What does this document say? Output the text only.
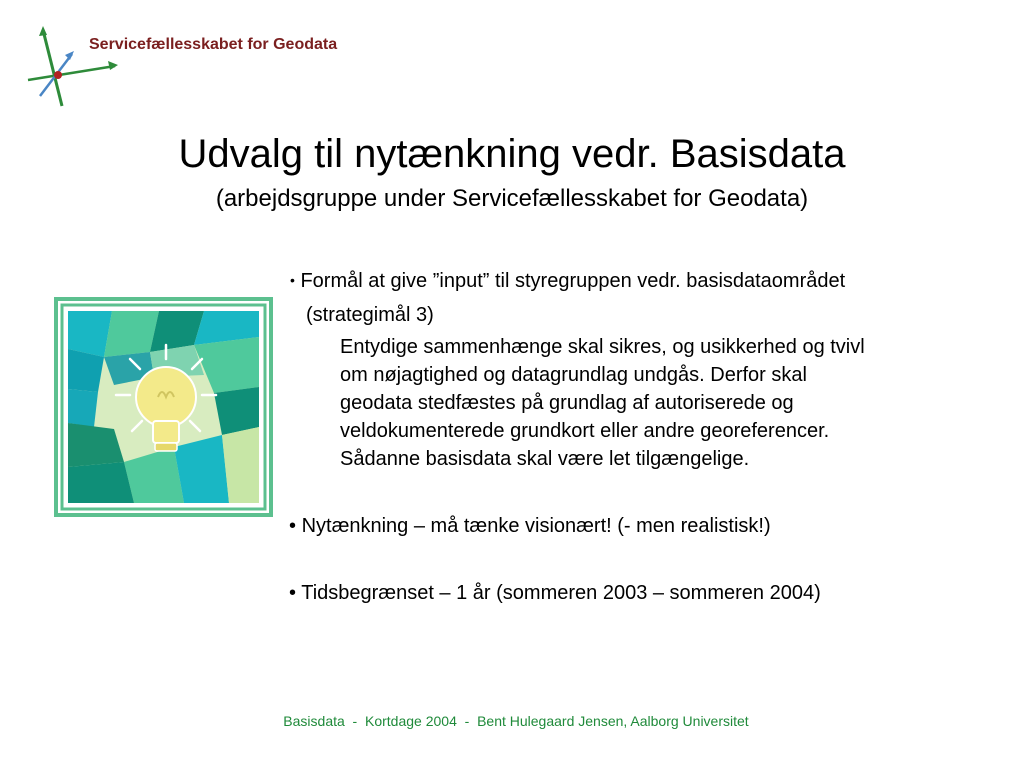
Servicefællesskabet for Geodata
Udvalg til nytænkning vedr. Basisdata
(arbejdsgruppe under Servicefællesskabet for Geodata)
• Formål at give ”input” til styregruppen vedr. basisdataområdet
(strategimål 3)
Entydige sammenhænge skal sikres, og usikkerhed og tvivl
om nøjagtighed og datagrundlag undgås. Derfor skal
geodata stedfæstes på grundlag af autoriserede og
veldokumenterede grundkort eller andre georeferencer.
Sådanne basisdata skal være let tilgængelige.
• Nytænkning – må tænke visionært! (- men realistisk!)
• Tidsbegrænset – 1 år (sommeren 2003 – sommeren 2004)
Basisdata  -  Kortdage 2004  -  Bent Hulegaard Jensen, Aalborg Universitet
